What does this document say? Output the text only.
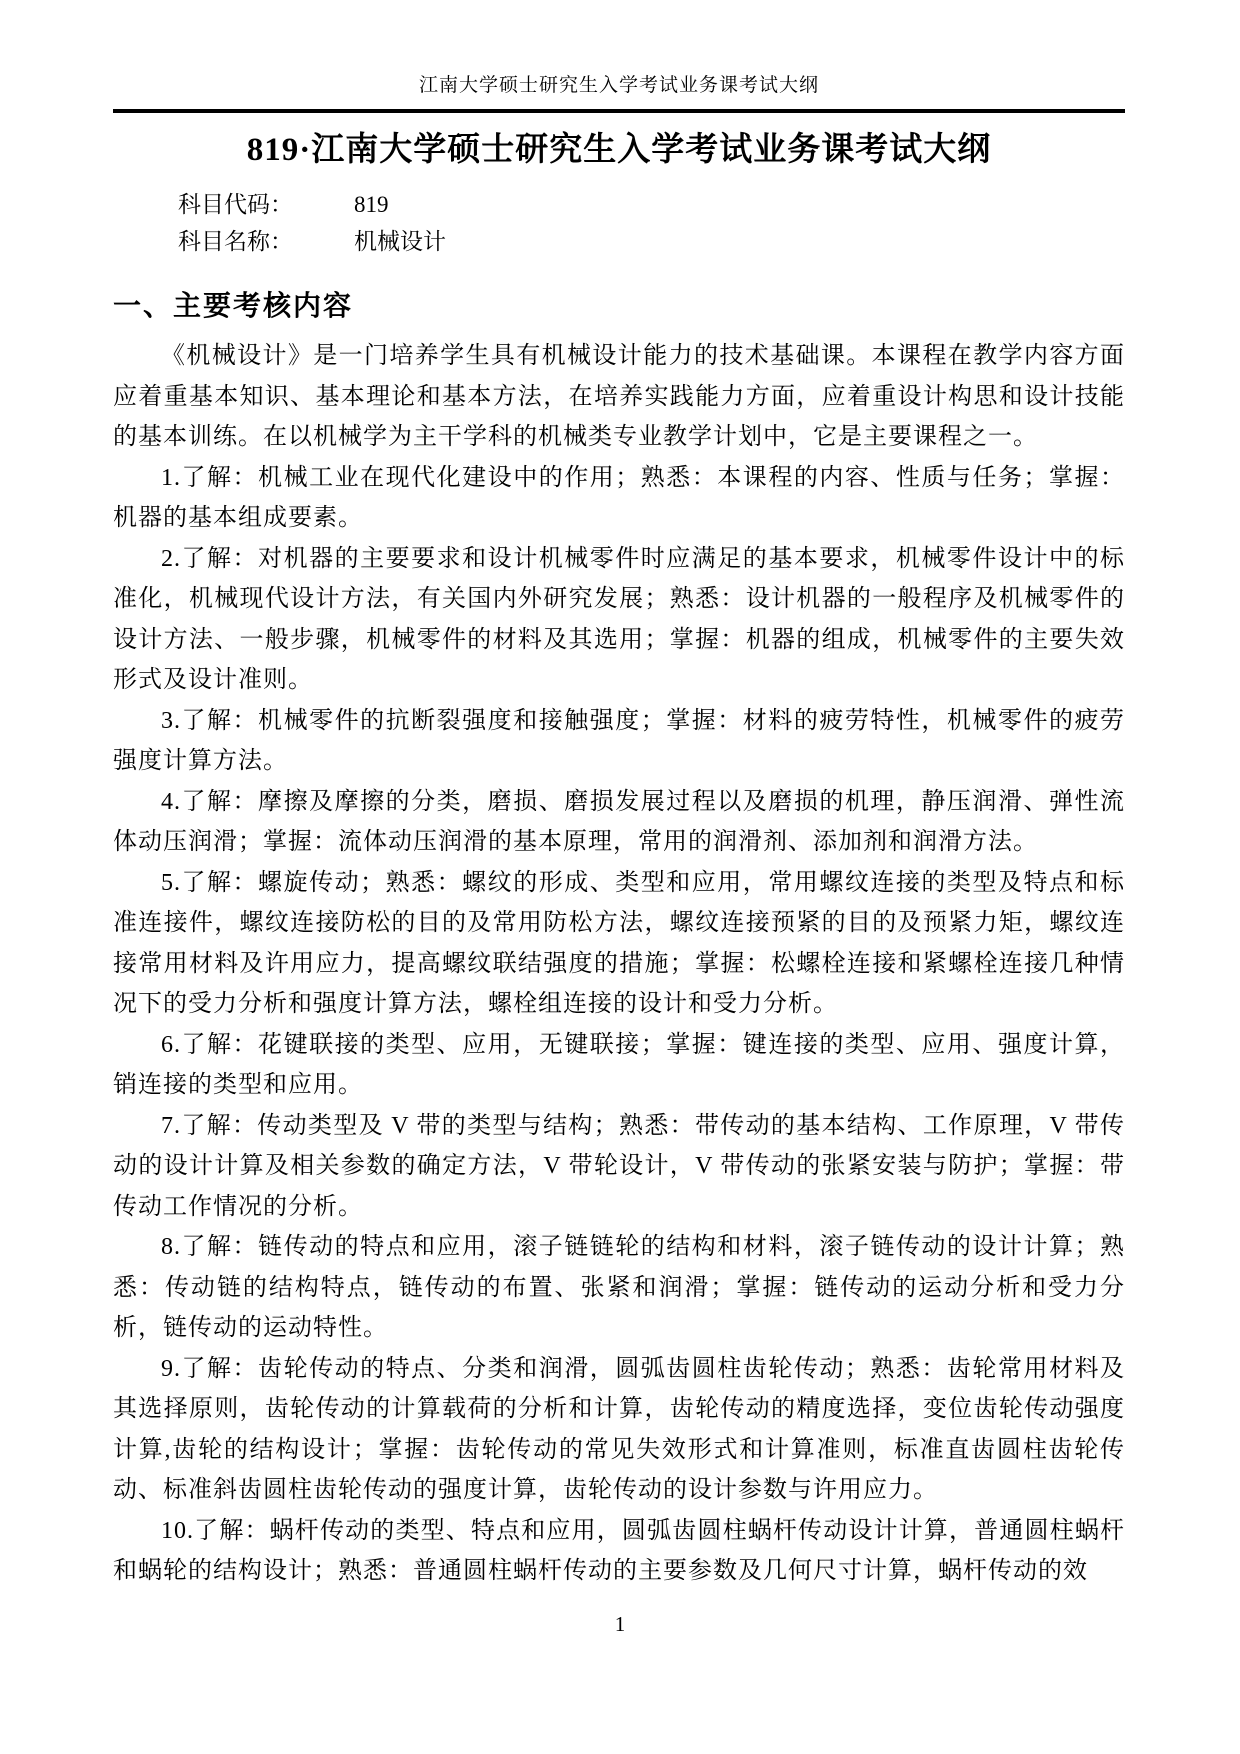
江南大学硕士研究生入学考试业务课考试大纲
819·江南大学硕士研究生入学考试业务课考试大纲
科目代码：	819
科目名称：	机械设计
一、主要考核内容

《机械设计》是一门培养学生具有机械设计能力的技术基础课。本课程在教学内容方面应着重基本知识、基本理论和基本方法，在培养实践能力方面，应着重设计构思和设计技能的基本训练。在以机械学为主干学科的机械类专业教学计划中，它是主要课程之一。

1.了解：机械工业在现代化建设中的作用；熟悉：本课程的内容、性质与任务；掌握：机器的基本组成要素。

2.了解：对机器的主要要求和设计机械零件时应满足的基本要求，机械零件设计中的标准化，机械现代设计方法，有关国内外研究发展；熟悉：设计机器的一般程序及机械零件的设计方法、一般步骤，机械零件的材料及其选用；掌握：机器的组成，机械零件的主要失效形式及设计准则。

3.了解：机械零件的抗断裂强度和接触强度；掌握：材料的疲劳特性，机械零件的疲劳强度计算方法。

4.了解：摩擦及摩擦的分类，磨损、磨损发展过程以及磨损的机理，静压润滑、弹性流体动压润滑；掌握：流体动压润滑的基本原理，常用的润滑剂、添加剂和润滑方法。

5.了解：螺旋传动；熟悉：螺纹的形成、类型和应用，常用螺纹连接的类型及特点和标准连接件，螺纹连接防松的目的及常用防松方法，螺纹连接预紧的目的及预紧力矩，螺纹连接常用材料及许用应力，提高螺纹联结强度的措施；掌握：松螺栓连接和紧螺栓连接几种情况下的受力分析和强度计算方法，螺栓组连接的设计和受力分析。

6.了解：花键联接的类型、应用，无键联接；掌握：键连接的类型、应用、强度计算，销连接的类型和应用。

7.了解：传动类型及 V 带的类型与结构；熟悉：带传动的基本结构、工作原理，V 带传动的设计计算及相关参数的确定方法，V 带轮设计，V 带传动的张紧安装与防护；掌握：带传动工作情况的分析。

8.了解：链传动的特点和应用，滚子链链轮的结构和材料，滚子链传动的设计计算；熟悉：传动链的结构特点，链传动的布置、张紧和润滑；掌握：链传动的运动分析和受力分析，链传动的运动特性。

9.了解：齿轮传动的特点、分类和润滑，圆弧齿圆柱齿轮传动；熟悉：齿轮常用材料及其选择原则，齿轮传动的计算载荷的分析和计算，齿轮传动的精度选择，变位齿轮传动强度计算,齿轮的结构设计；掌握：齿轮传动的常见失效形式和计算准则，标准直齿圆柱齿轮传动、标准斜齿圆柱齿轮传动的强度计算，齿轮传动的设计参数与许用应力。

10.了解：蜗杆传动的类型、特点和应用，圆弧齿圆柱蜗杆传动设计计算，普通圆柱蜗杆和蜗轮的结构设计；熟悉：普通圆柱蜗杆传动的主要参数及几何尺寸计算，蜗杆传动的效

1
